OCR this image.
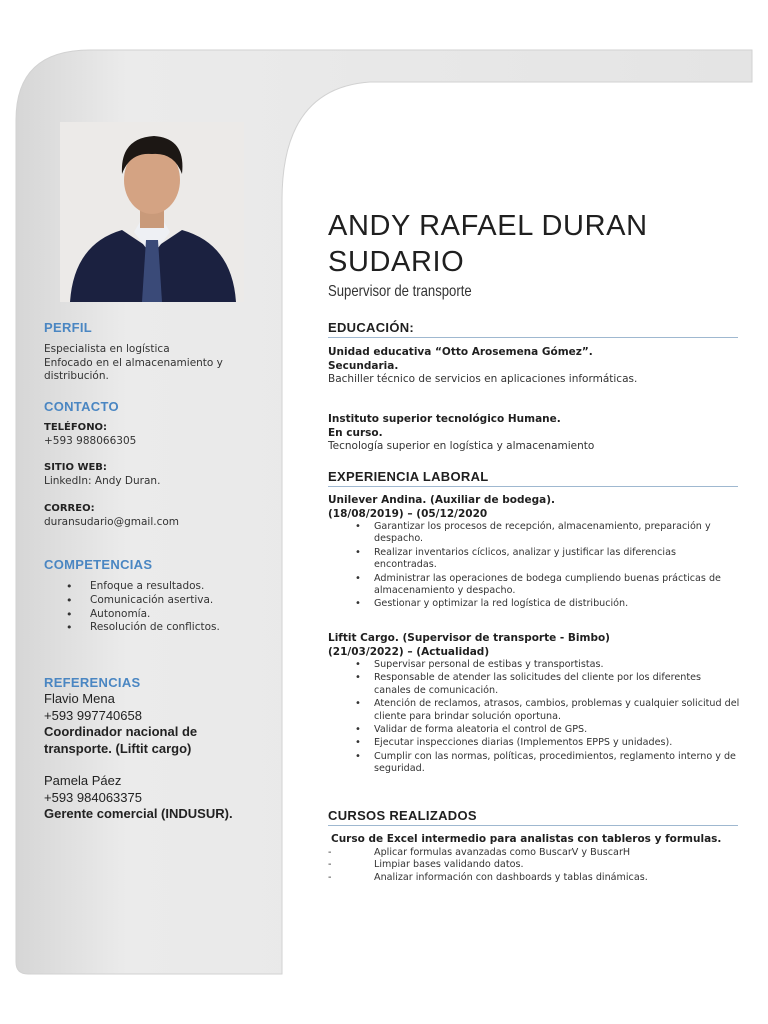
PERFIL
Especialista en logística
Enfocado en el almacenamiento y distribución.
CONTACTO
TELÉFONO:
+593 988066305
SITIO WEB:
LinkedIn: Andy Duran.
CORREO:
duransudario@gmail.com
COMPETENCIAS
• Enfoque a resultados.
• Comunicación asertiva.
• Autonomía.
• Resolución de conflictos.
REFERENCIAS
Flavio Mena
+593 997740658
Coordinador nacional de transporte. (Liftit cargo)
Pamela Páez
+593 984063375
Gerente comercial (INDUSUR).
ANDY RAFAEL DURAN SUDARIO
Supervisor de transporte
EDUCACIÓN:
Unidad educativa “Otto Arosemena Gómez”.
Secundaria.
Bachiller técnico de servicios en aplicaciones informáticas.
Instituto superior tecnológico Humane.
En curso.
Tecnología superior en logística y almacenamiento
EXPERIENCIA LABORAL
Unilever Andina. (Auxiliar de bodega).
(18/08/2019) – (05/12/2020
• Garantizar los procesos de recepción, almacenamiento, preparación y despacho.
• Realizar inventarios cíclicos, analizar y justificar las diferencias encontradas.
• Administrar las operaciones de bodega cumpliendo buenas prácticas de almacenamiento y despacho.
• Gestionar y optimizar la red logística de distribución.
Liftit Cargo. (Supervisor de transporte - Bimbo)
(21/03/2022) – (Actualidad)
• Supervisar personal de estibas y transportistas.
• Responsable de atender las solicitudes del cliente por los diferentes canales de comunicación.
• Atención de reclamos, atrasos, cambios, problemas y cualquier solicitud del cliente para brindar solución oportuna.
• Validar de forma aleatoria el control de GPS.
• Ejecutar inspecciones diarias (Implementos EPPS y unidades).
• Cumplir con las normas, políticas, procedimientos, reglamento interno y de seguridad.
CURSOS REALIZADOS
Curso de Excel intermedio para analistas con tableros y formulas.
- Aplicar formulas avanzadas como BuscarV y BuscarH
- Limpiar bases validando datos.
- Analizar información con dashboards y tablas dinámicas.
